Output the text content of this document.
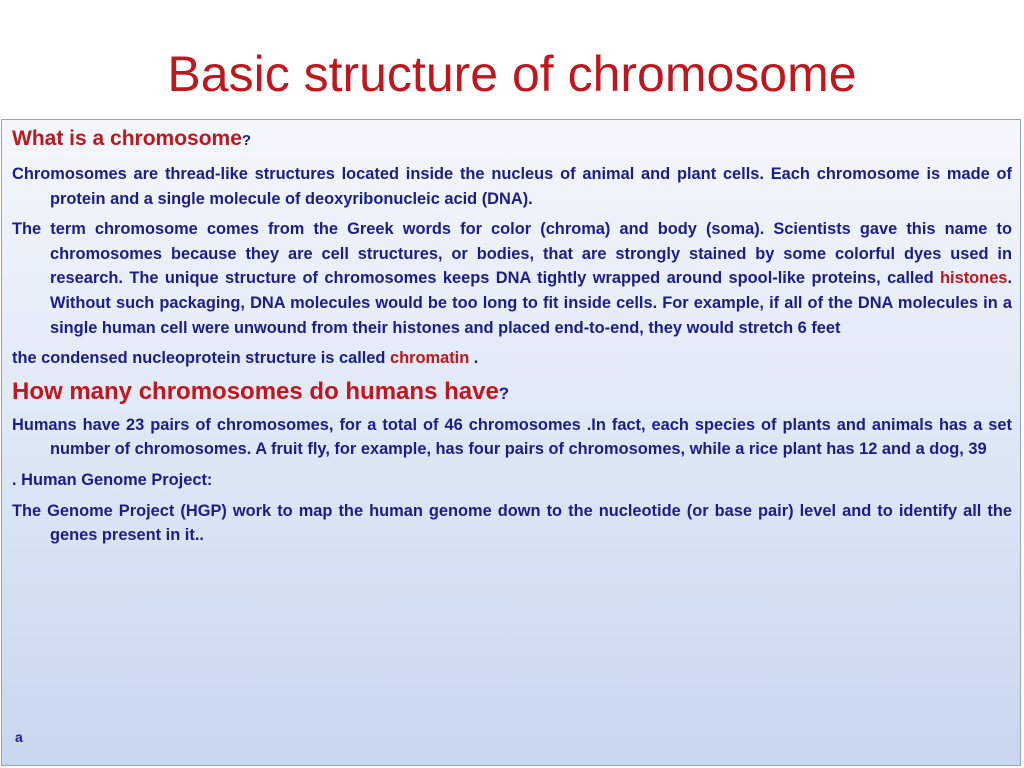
Basic structure of chromosome
What is a chromosome?

Chromosomes are thread-like structures located inside the nucleus of animal and plant cells. Each chromosome is made of protein and a single molecule of deoxyribonucleic acid (DNA).

The term chromosome comes from the Greek words for color (chroma) and body (soma). Scientists gave this name to chromosomes because they are cell structures, or bodies, that are strongly stained by some colorful dyes used in research. The unique structure of chromosomes keeps DNA tightly wrapped around spool-like proteins, called histones. Without such packaging, DNA molecules would be too long to fit inside cells. For example, if all of the DNA molecules in a single human cell were unwound from their histones and placed end-to-end, they would stretch 6 feet

the condensed nucleoprotein structure is called chromatin .

How many chromosomes do humans have?

Humans have 23 pairs of chromosomes, for a total of 46 chromosomes .In fact, each species of plants and animals has a set number of chromosomes. A fruit fly, for example, has four pairs of chromosomes, while a rice plant has 12 and a dog, 39

. Human Genome Project:

The Genome Project (HGP) work to map the human genome down to the nucleotide (or base pair) level and to identify all the genes present in it..

a
